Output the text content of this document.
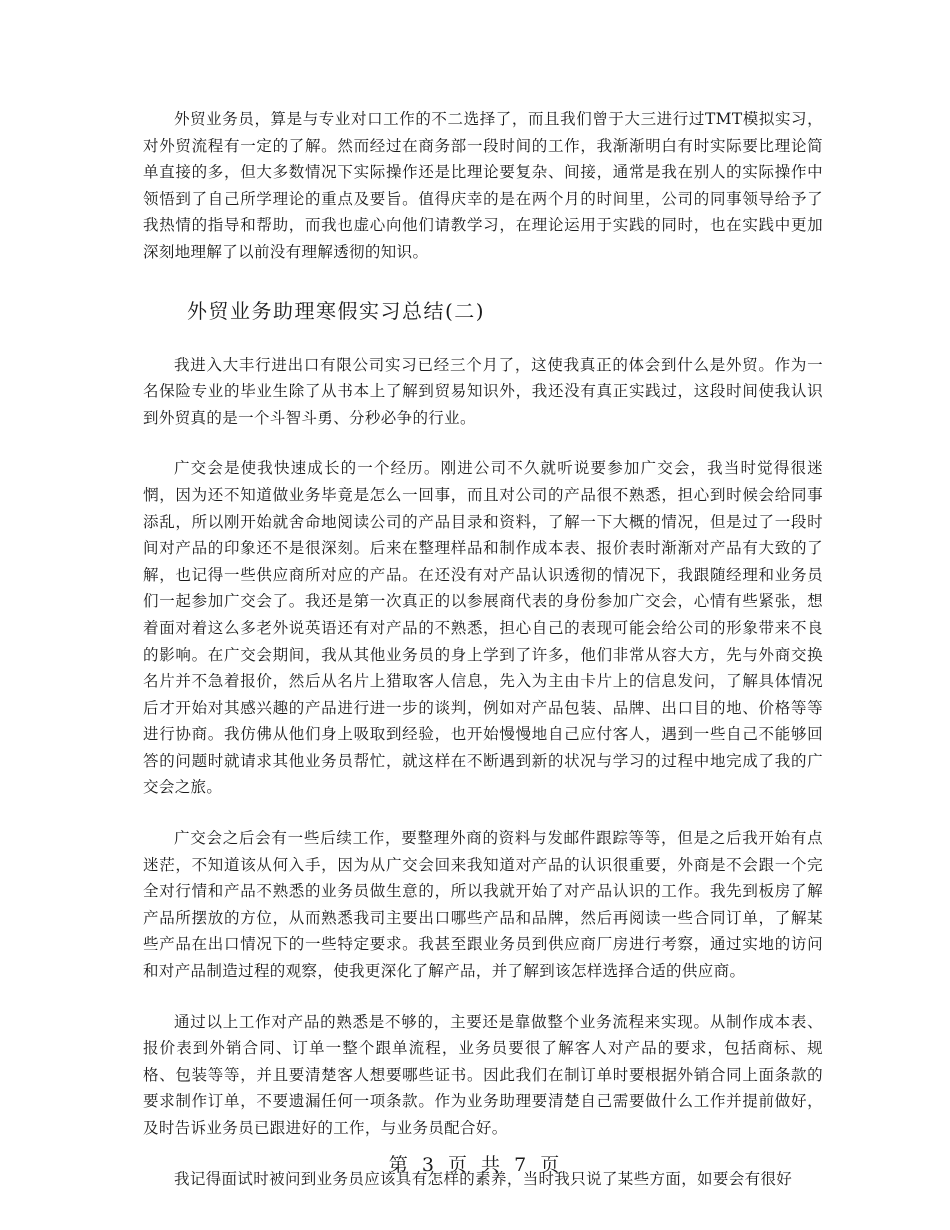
外贸业务员，算是与专业对口工作的不二选择了，而且我们曾于大三进行过TMT模拟实习，对外贸流程有一定的了解。然而经过在商务部一段时间的工作，我渐渐明白有时实际要比理论简单直接的多，但大多数情况下实际操作还是比理论要复杂、间接，通常是我在别人的实际操作中领悟到了自己所学理论的重点及要旨。值得庆幸的是在两个月的时间里，公司的同事领导给予了我热情的指导和帮助，而我也虚心向他们请教学习，在理论运用于实践的同时，也在实践中更加深刻地理解了以前没有理解透彻的知识。

外贸业务助理寒假实习总结(二)

我进入大丰行进出口有限公司实习已经三个月了，这使我真正的体会到什么是外贸。作为一名保险专业的毕业生除了从书本上了解到贸易知识外，我还没有真正实践过，这段时间使我认识到外贸真的是一个斗智斗勇、分秒必争的行业。

广交会是使我快速成长的一个经历。刚进公司不久就听说要参加广交会，我当时觉得很迷惘，因为还不知道做业务毕竟是怎么一回事，而且对公司的产品很不熟悉，担心到时候会给同事添乱，所以刚开始就舍命地阅读公司的产品目录和资料，了解一下大概的情况，但是过了一段时间对产品的印象还不是很深刻。后来在整理样品和制作成本表、报价表时渐渐对产品有大致的了解，也记得一些供应商所对应的产品。在还没有对产品认识透彻的情况下，我跟随经理和业务员们一起参加广交会了。我还是第一次真正的以参展商代表的身份参加广交会，心情有些紧张，想着面对着这么多老外说英语还有对产品的不熟悉，担心自己的表现可能会给公司的形象带来不良的影响。在广交会期间，我从其他业务员的身上学到了许多，他们非常从容大方，先与外商交换名片并不急着报价，然后从名片上猎取客人信息，先入为主由卡片上的信息发问，了解具体情况后才开始对其感兴趣的产品进行进一步的谈判，例如对产品包装、品牌、出口目的地、价格等等进行协商。我仿佛从他们身上吸取到经验，也开始慢慢地自己应付客人，遇到一些自己不能够回答的问题时就请求其他业务员帮忙，就这样在不断遇到新的状况与学习的过程中地完成了我的广交会之旅。

广交会之后会有一些后续工作，要整理外商的资料与发邮件跟踪等等，但是之后我开始有点迷茫，不知道该从何入手，因为从广交会回来我知道对产品的认识很重要，外商是不会跟一个完全对行情和产品不熟悉的业务员做生意的，所以我就开始了对产品认识的工作。我先到板房了解产品所摆放的方位，从而熟悉我司主要出口哪些产品和品牌，然后再阅读一些合同订单，了解某些产品在出口情况下的一些特定要求。我甚至跟业务员到供应商厂房进行考察，通过实地的访问和对产品制造过程的观察，使我更深化了解产品，并了解到该怎样选择合适的供应商。

通过以上工作对产品的熟悉是不够的，主要还是靠做整个业务流程来实现。从制作成本表、报价表到外销合同、订单一整个跟单流程，业务员要很了解客人对产品的要求，包括商标、规格、包装等等，并且要清楚客人想要哪些证书。因此我们在制订单时要根据外销合同上面条款的要求制作订单，不要遗漏任何一项条款。作为业务助理要清楚自己需要做什么工作并提前做好，及时告诉业务员已跟进好的工作，与业务员配合好。

我记得面试时被问到业务员应该具有怎样的素养，当时我只说了某些方面，如要会有很好

第 3 页 共 7 页
